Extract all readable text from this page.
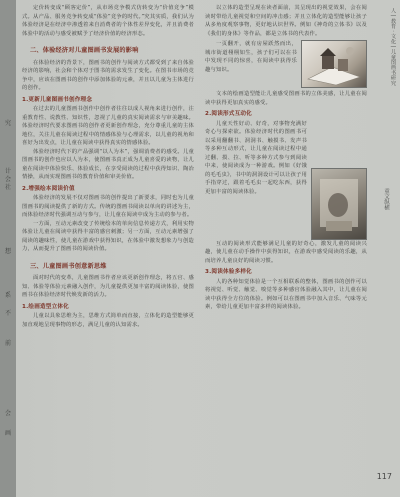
究
计
会
社
想
系
不
前
会
画

定价转变成“顾客定价”，从市场竞争模式仿转变为“价值竞争”模式。从产品、服务竞争转变成“体验”竞争的时代。”究其实质，我们认为体验经济是在经济中渗透着来自消费者的个体性差异变化，并且消费者体验中的活动与感受被赋予了经济价值的经济形态。

二、体验经济对儿童图画书发展的影响

在体验经济的背景下，图画书的创作与阅读方式都受到了来自体验经济的影响，社会和个体对于图书的需求发生了变化。在图书市场的竞争中，应该在图画书的创作中添加体验的元素，并且以儿童为主体进行的创作。

1.更新儿童图画书创作理念

在过去的儿童图画书创作中创作者往往以成人视角来进行创作，注重教育性、说教性、知识性，忽视了儿童的真实阅读需求与审美趣味。体验经济时代要求图画书的创作者更新创作理念，充分尊重儿童的主体地位，关注儿童在阅读过程中的情感体验与心理需求，以儿童的视角和喜好为出发点，让儿童在阅读中获得真实的情感体验。

体验经济时代下的产品强调“以人为本”，强调消费者的感受。儿童图画书的创作也应以人为本，使图画书真正成为儿童喜爱的读物，让儿童在阅读中体验快乐、体验成长，在享受阅读的过程中获得知识、陶冶情操，从而实现图画书的教育价值和审美价值。

2.增强绘本阅读价值

体验经济的发展不仅对图画书的创作提出了新要求，同时也为儿童图画书的阅读提供了新的方式。传统的图画书阅读以单向的讲述为主，而体验经济时代强调互动与参与，让儿童在阅读中成为主动的参与者。

一方面，互动元素改变了传统绘本的单向信息传递方式，利用实物体验让儿童在阅读中获得丰富的感官刺激；另一方面，互动元素增强了阅读的趣味性，使儿童在游戏中获得知识，在体验中激发想象力与创造力，从而提升了图画书的阅读价值。

三、儿童图画书创意新思维

面对时代的变革，儿童图画书作者应该更新创作理念，将五官、感知、体验等体验元素融入创作，为儿童提供更加丰富的阅读体验，使图画书在体验经济时代焕发新的活力。

1.绘画造型立体化

儿童以具象思维为主，思维方式简单而直接，立体化的造型能够更加直观地呈现事物的形态，满足儿童的认知需求。

以立体的造型呈现在读者面前，其呈现出的视觉效果，会在阅读时带给儿童视觉和空间的冲击感；并且立体化的造型能够让孩子从多角度观察事物，更好地认识世界。例如《神奇的立体书》以及《我们的身体》等作品，都是立体书的代表作。

一页翻开，就有房屋跃然而出，城市街道栩栩如生，孩子们可以在书中发现不同的惊喜，在阅读中获得乐趣与知识。

文本的绘画造型能让儿童感受图画书的立体美感，让儿童在阅读中获得更加真实的感受。

2.阅读形式互动化

儿童天性好动、好奇，对事物充满好奇心与探索欲。体验经济时代的图画书可以采用翻翻书、洞洞书、触摸书、发声书等多种互动形式，让儿童在阅读过程中通过翻、摸、拉、听等多种方式参与到阅读中来，使阅读成为一种游戏。例如《好饿的毛毛虫》，书中的洞洞设计可以让孩子用手指穿过，跟着毛毛虫一起吃东西，获得更加丰富的阅读体验。

互动的阅读形式能够满足儿童的好奇心，激发儿童的阅读兴趣，使儿童在动手操作中获得知识，在游戏中感受阅读的乐趣，从而培养儿童良好的阅读习惯。

3.阅读体验多样化

人的各种知觉体验是一个互相联系的整体，图画书的创作可以将视觉、听觉、触觉、嗅觉等多种感官体验融入其中，让儿童在阅读中获得全方位的体验。例如可以在图画书中加入音乐、气味等元素，带给儿童更加丰富多样的阅读体验。

人 | 教育 · 文化 | 儿童图画书研究
童文纵横
117
